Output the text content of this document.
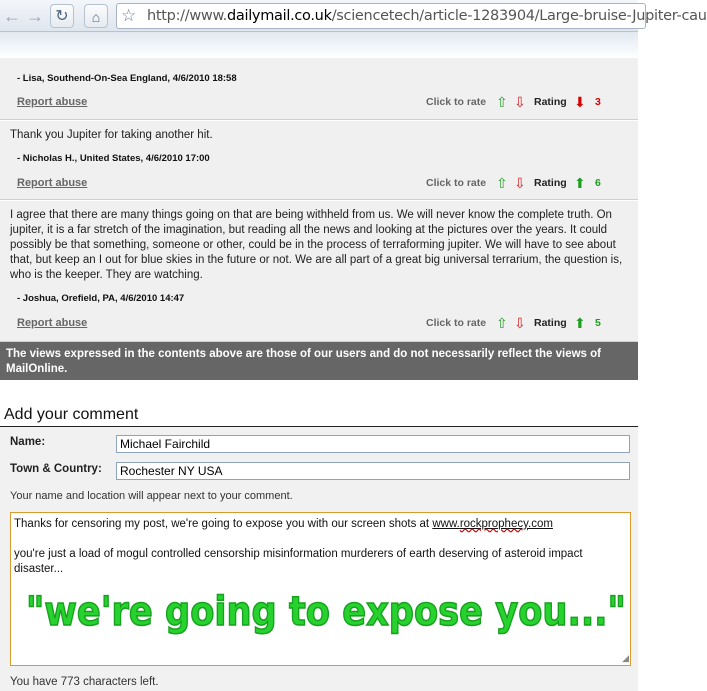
← → ↻	⌂	☆ http://www.dailymail.co.uk/sciencetech/article-1283904/Large-bruise-Jupiter-cau
- Lisa, Southend-On-Sea England, 4/6/2010 18:58
Report abuse	Click to rate ⇧ ⇩ Rating ⬇ 3
Thank you Jupiter for taking another hit.
- Nicholas H., United States, 4/6/2010 17:00
Report abuse	Click to rate ⇧ ⇩ Rating ⬆ 6
I agree that there are many things going on that are being withheld from us. We will never know the complete truth. On jupiter, it is a far stretch of the imagination, but reading all the news and looking at the pictures over the years. It could possibly be that something, someone or other, could be in the process of terraforming jupiter. We will have to see about that, but keep an I out for blue skies in the future or not. We are all part of a great big universal terrarium, the question is, who is the keeper. They are watching.
- Joshua, Orefield, PA, 4/6/2010 14:47
Report abuse	Click to rate ⇧ ⇩ Rating ⬆ 5
The views expressed in the contents above are those of our users and do not necessarily reflect the views of MailOnline.
Add your comment
Name:
Michael Fairchild
Town & Country:
Rochester NY USA
Your name and location will appear next to your comment.
Thanks for censoring my post, we're going to expose you with our screen shots at www.rockprophecy.com
you're just a load of mogul controlled censorship misinformation murderers of earth deserving of asteroid impact disaster...
◢
"we're going to expose you..."
You have 773 characters left.
